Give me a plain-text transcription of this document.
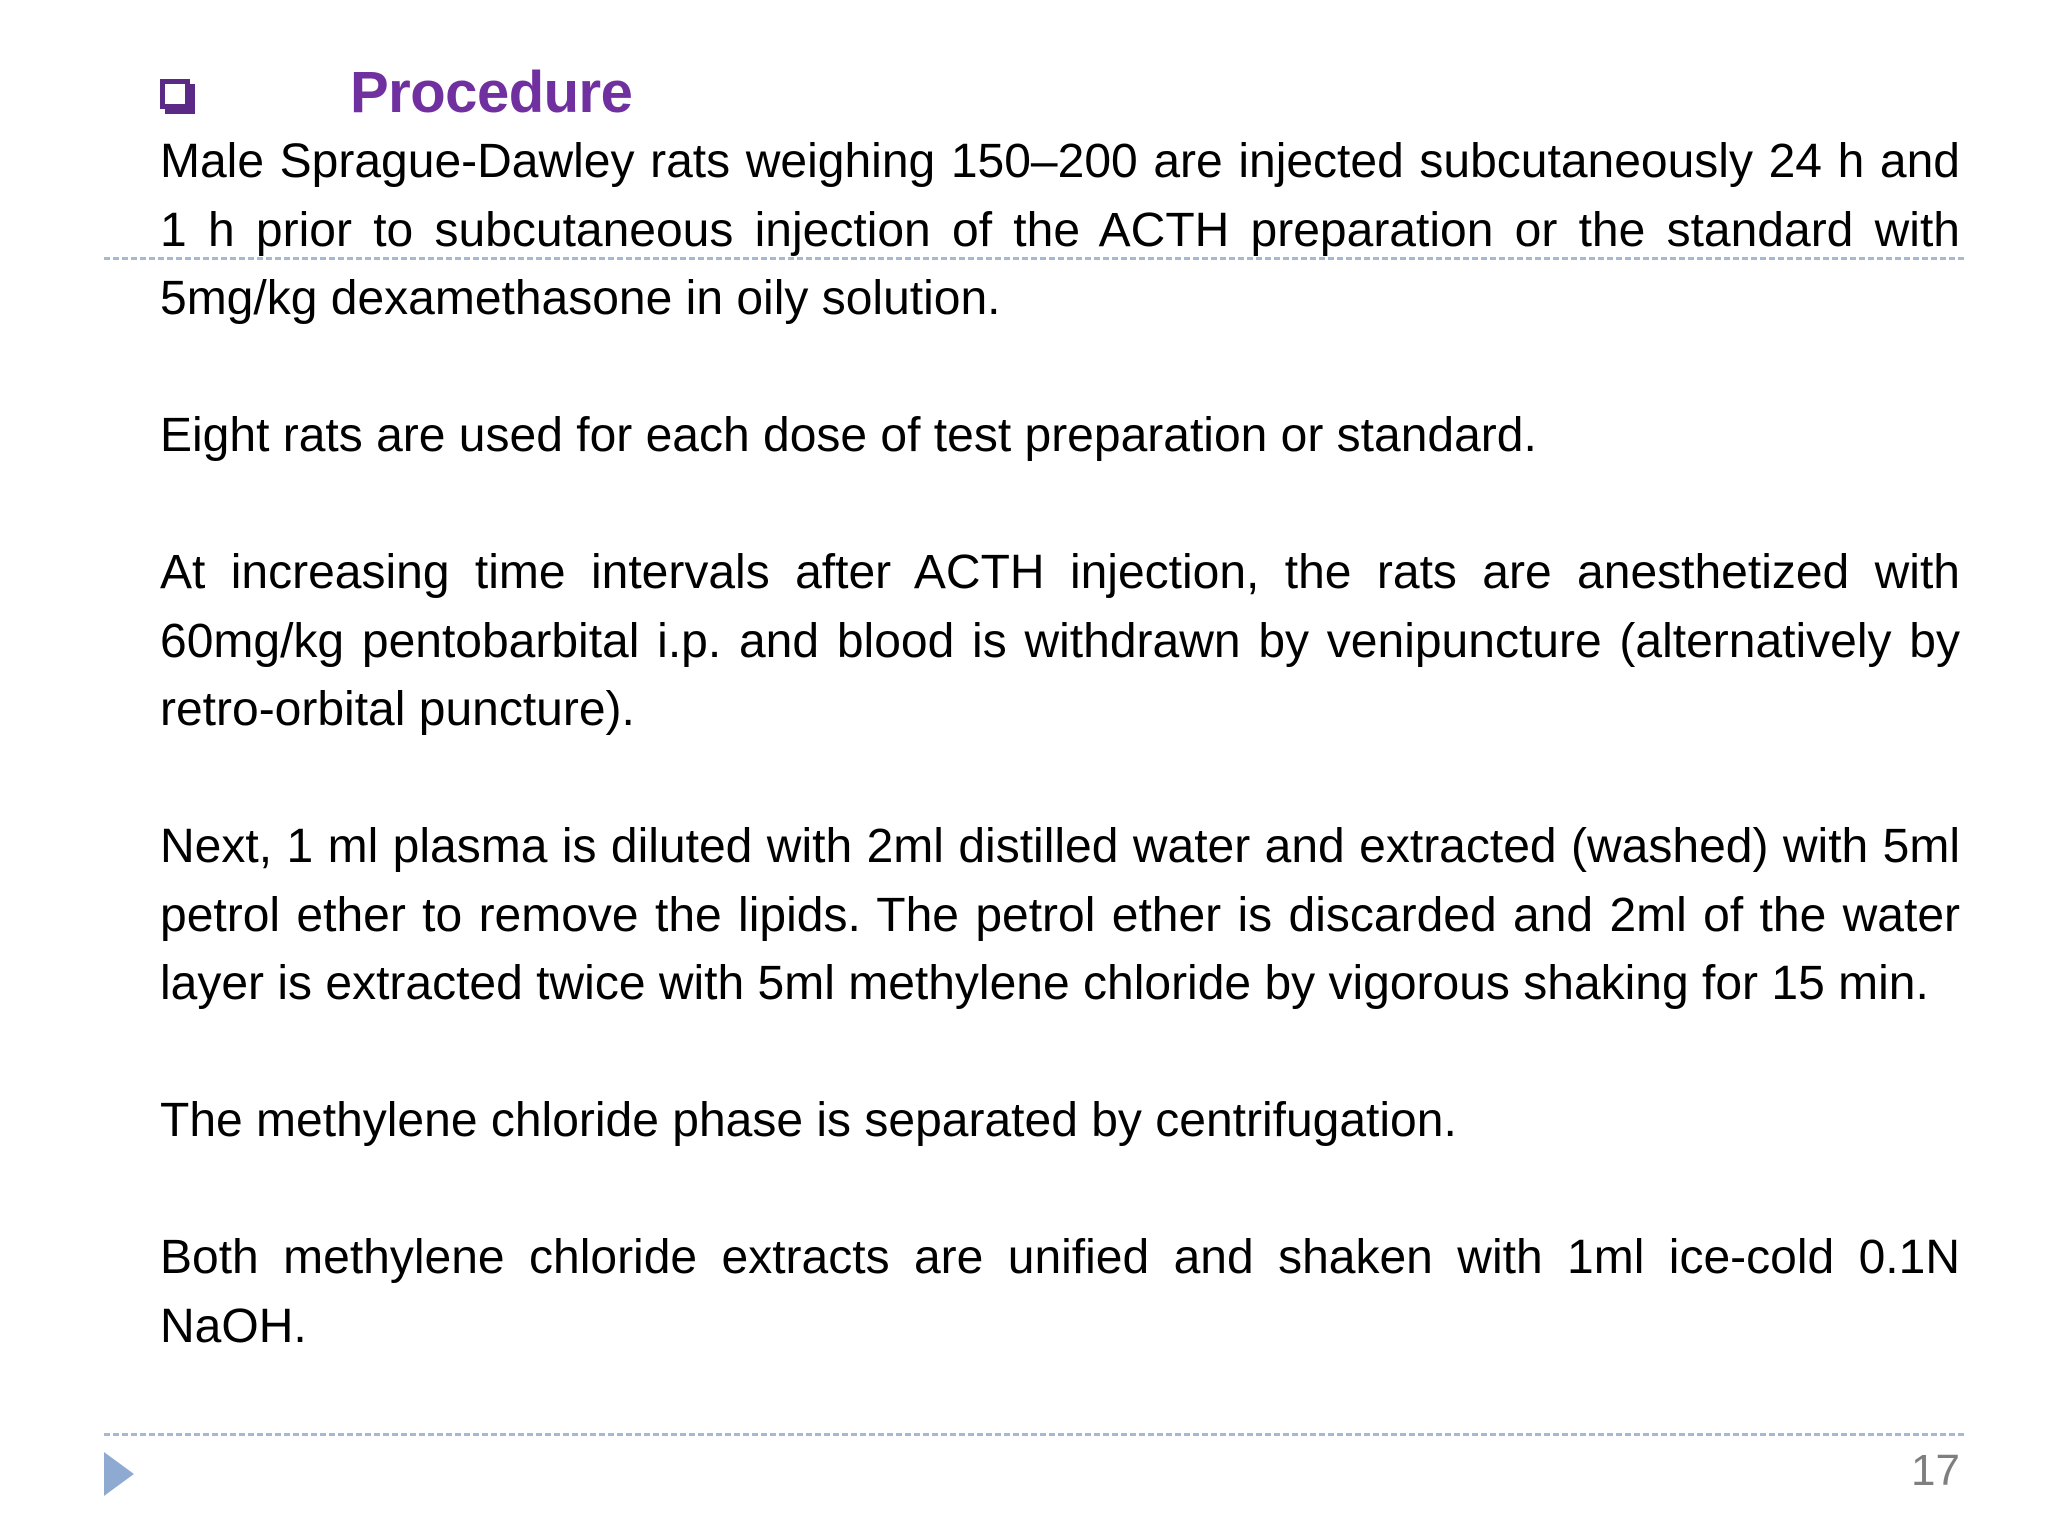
Procedure

Male Sprague-Dawley rats weighing 150–200 are injected subcutaneously 24 h and 1 h prior to subcutaneous injection of the ACTH preparation or the standard with 5mg/kg dexamethasone in oily solution.

Eight rats are used for each dose of test preparation or standard.

At increasing time intervals after ACTH injection, the rats are anesthetized with 60mg/kg pentobarbital i.p. and blood is withdrawn by venipuncture (alternatively by retro-orbital puncture).

Next, 1 ml plasma is diluted with 2ml distilled water and extracted (washed) with 5ml petrol ether to remove the lipids. The petrol ether is discarded and 2ml of the water layer is extracted twice with 5ml methylene chloride by vigorous shaking for 15 min.

The methylene chloride phase is separated by centrifugation.

Both methylene chloride extracts are unified and shaken with 1ml ice-cold 0.1N NaOH.

17
